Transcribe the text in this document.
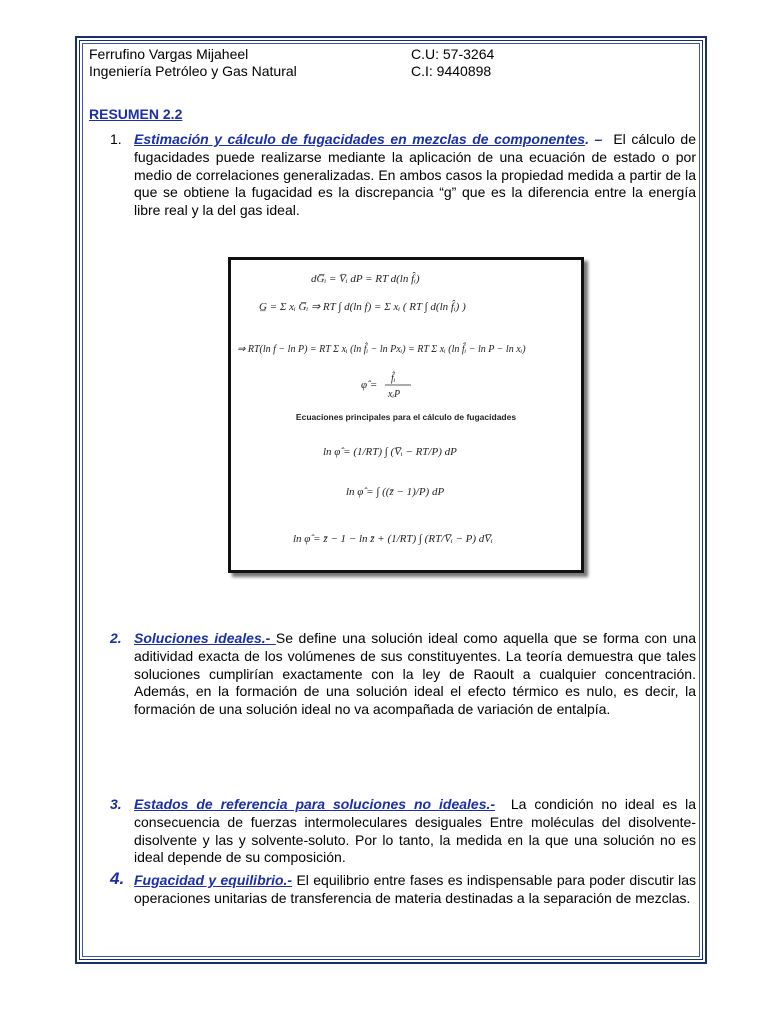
Ferrufino Vargas Mijaheel
Ingeniería Petróleo y Gas Natural
C.U: 57-3264
C.I: 9440898
RESUMEN 2.2
1. Estimación y cálculo de fugacidades en mezclas de componentes. – El cálculo de fugacidades puede realizarse mediante la aplicación de una ecuación de estado o por medio de correlaciones generalizadas. En ambos casos la propiedad medida a partir de la que se obtiene la fugacidad es la discrepancia “g” que es la diferencia entre la energía libre real y la del gas ideal.
dG̅ᵢ = V̅ᵢ dP = RT d(ln f̂ᵢ)
G̲ = Σ xᵢ G̅ᵢ ⇒ RT ∫ d(ln f) = Σ xᵢ ( RT ∫ d(ln f̂ᵢ) )
⇒ RT(ln f − ln P) = RT Σ xᵢ (ln f̂ᵢ − ln Pxᵢ) = RT Σ xᵢ (ln f̂ᵢ − ln P − ln xᵢ)
φ̂ =
f̂ᵢ
xᵢP
Ecuaciones principales para el cálculo de fugacidades
ln φ̂ = (1/RT) ∫ (V̅ᵢ − RT/P) dP
ln φ̂ = ∫ ((z̄ − 1)/P) dP
ln φ̂ = z̄ − 1 − ln z̄ + (1/RT) ∫ (RT/V̅ᵢ − P) dV̅ᵢ
2. Soluciones ideales.- Se define una solución ideal como aquella que se forma con una aditividad exacta de los volúmenes de sus constituyentes. La teoría demuestra que tales soluciones cumplirían exactamente con la ley de Raoult a cualquier concentración. Además, en la formación de una solución ideal el efecto térmico es nulo, es decir, la formación de una solución ideal no va acompañada de variación de entalpía.
3. Estados de referencia para soluciones no ideales.- La condición no ideal es la consecuencia de fuerzas intermoleculares desiguales Entre moléculas del disolvente-disolvente y las y solvente-soluto. Por lo tanto, la medida en la que una solución no es ideal depende de su composición.
4. Fugacidad y equilibrio.- El equilibrio entre fases es indispensable para poder discutir las operaciones unitarias de transferencia de materia destinadas a la separación de mezclas.
